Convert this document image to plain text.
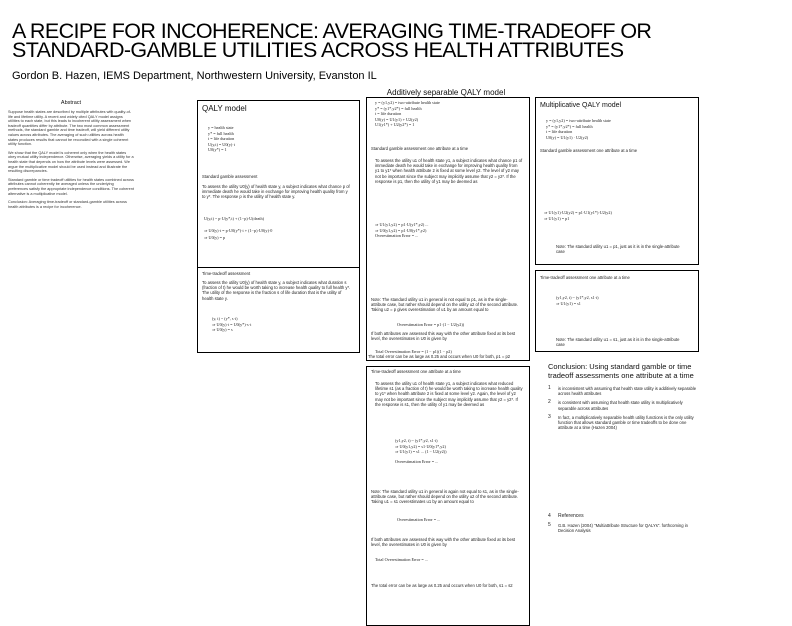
A RECIPE FOR INCOHERENCE: AVERAGING TIME-TRADEOFF OR
STANDARD-GAMBLE UTILITIES ACROSS HEALTH ATTRIBUTES
Gordon B. Hazen, IEMS Department, Northwestern University, Evanston IL
Abstract
Suppose health states are described by multiple attributes with quality-of-life and lifetime utility. A recent and widely cited QALY model assigns utilities to each state, but this leads to incoherent utility assessment when tradeoff quantities differ by attribute. The two most common assessment methods, the standard gamble and time tradeoff, will yield different utility values across attributes. The averaging of such utilities across health states produces results that cannot be reconciled with a single coherent utility function.
We show that the QALY model is coherent only when the health states obey mutual utility independence. Otherwise, averaging yields a utility for a health state that depends on how the attribute levels were assessed. We argue the multiplicative model should be used instead and illustrate the resulting discrepancies.
Standard gamble or time tradeoff utilities for health states combined across attributes cannot coherently be averaged unless the underlying preferences satisfy the appropriate independence conditions. The coherent alternative is a multiplicative model.
Conclusion: Averaging time-tradeoff or standard-gamble utilities across health attributes is a recipe for incoherence.
QALY model
y = health state
y* = full health
t = life duration
U(y,t) = U0(y)·t
U0(y*) = 1
Standard gamble assessment
To assess the utility U0(y) of health state y, a subject indicates what chance p of immediate death he would take in exchange for improving health quality from y to y*. The response p is the utility of health state y.
U(y,t) ~ p·U(y*,t) + (1−p)·U(death)
⇒ U0(y)·t = p·U0(y*)·t + (1−p)·U0(y)·0
⇒ U0(y) = p
Time-tradeoff assessment
To assess the utility U0(y) of health state y, a subject indicates what duration s (fraction of t) he would be worth taking to increase health quality to full health y*. The utility of the response is the fraction s of life duration that is the utility of health state y.
(y, t) ~ (y*, s·t)
⇒ U0(y)·t = U0(y*)·s·t
⇒ U0(y) = s
Additively separable QALY model
y = (y1,y2) = two-attribute health state
y* = (y1*,y2*) = full health
t = life duration
U0(y) = U1(y1) + U2(y2)
U1(y1*) + U2(y2*) = 1
Standard gamble assessment one attribute at a time
To assess the utility u1 of health state y1, a subject indicates what chance p1 of immediate death he would take in exchange for improving health quality from y1 to y1* when health attribute 2 is fixed at some level y2. The level of y2 may not be important since the subject may implicitly assume that y2 = y2*. If the response is p1, then the utility of y1 may be deemed as
⇒ U1(y1,y2) = p1·U(y1*,y2) ...
⇒ U0(y1,y2) = p1·U0(y1*,y2)
Overestimation Error = ...
Note: The standard utility u1 in general is not equal to p1, as in the single-attribute case, but rather should depend on the utility u2 of the second attribute. Taking u2 = p gives overestimation of u1 by an amount equal to
Overestimation Error = p1·(1 − U2(y2))
If both attributes are assessed this way with the other attribute fixed at its best level, the overestimates in U0 is given by
Total Overestimation Error = (1 − p1)(1 − p2)
The total error can be as large as 0.25 and occurs when U0 for both, p1 = p2
Time-tradeoff assessment one attribute at a time
To assess the utility u1 of health state y1, a subject indicates what reduced lifetime s1 (as a fraction of t) he would be worth taking to increase health quality to y1* when health attribute 2 is fixed at some level y2. Again, the level of y2 may not be important since the subject may implicitly assume that y2 = y2*. If the response is s1, then the utility of y1 may be deemed as
(y1,y2, t) ~ (y1*,y2, s1·t)
⇒ U0(y1,y2) = s1·U0(y1*,y2)
⇒ U1(y1) = s1 ... (1 − U2(y2))
Overestimation Error = ...
Note: The standard utility u1 in general is again not equal to s1, as in the single-attribute case, but rather should depend on the utility u2 of the second attribute. Taking u1 = s1 overestimates u1 by an amount equal to
Overestimation Error = ...
If both attributes are assessed this way with the other attribute fixed at its best level, the overestimates in U0 is given by
Total Overestimation Error = ...
The total error can be as large as 0.25 and occurs when U0 for both, s1 = s2
Multiplicative QALY model
y = (y1,y2) = two-attribute health state
y* = (y1*,y2*) = full health
t = life duration
U0(y) = U1(y1) · U2(y2)
Standard gamble assessment one attribute at a time
⇒ U1(y1)·U2(y2) = p1·U1(y1*)·U2(y2)
⇒ U1(y1) = p1
Note: The standard utility u1 = p1, just as it is in the single-attribute case
Time-tradeoff assessment one attribute at a time
(y1,y2, t) ~ (y1*,y2, s1·t)
⇒ U1(y1) = s1
Note: The standard utility u1 = s1, just as it is in the single-attribute case
Conclusion: Using standard gamble or time tradeoff assessments one attribute at a time
1	is inconsistent with assuming that health state utility is additively separable across health attributes
2	is consistent with assuming that health state utility is multiplicatively separable across attributes
3	In fact, a multiplicatively separable health utility functions is the only utility function that allows standard gamble or time tradeoffs to be done one attribute at a time (Hazen 2004)
4	References
5	G.B. Hazen (2004) "Multiattribute Structure for QALYs". forthcoming in Decision Analysis
